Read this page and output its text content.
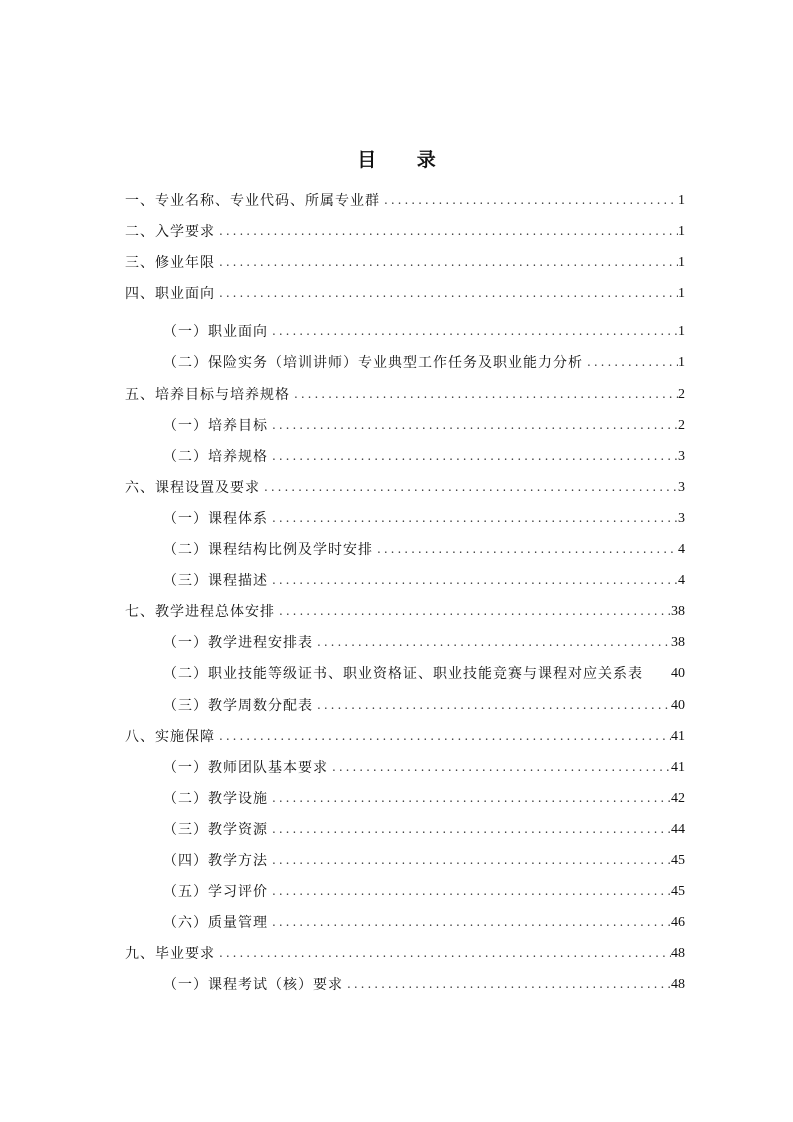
目 录
一、专业名称、专业代码、所属专业群 .....	1
二、入学要求 .....	1
三、修业年限 .....	1
四、职业面向 .....	1
（一）职业面向 .....	1
（二）保险实务（培训讲师）专业典型工作任务及职业能力分析 .....	1
五、培养目标与培养规格 .....	2
（一）培养目标 .....	2
（二）培养规格 .....	3
六、课程设置及要求 .....	3
（一）课程体系 .....	3
（二）课程结构比例及学时安排 .....	4
（三）课程描述 .....	4
七、教学进程总体安排 .....	38
（一）教学进程安排表 .....	38
（二）职业技能等级证书、职业资格证、职业技能竞赛与课程对应关系表	40
（三）教学周数分配表 .....	40
八、实施保障 .....	41
（一）教师团队基本要求 .....	41
（二）教学设施 .....	42
（三）教学资源 .....	44
（四）教学方法 .....	45
（五）学习评价 .....	45
（六）质量管理 .....	46
九、毕业要求 .....	48
（一）课程考试（核）要求 .....	48
